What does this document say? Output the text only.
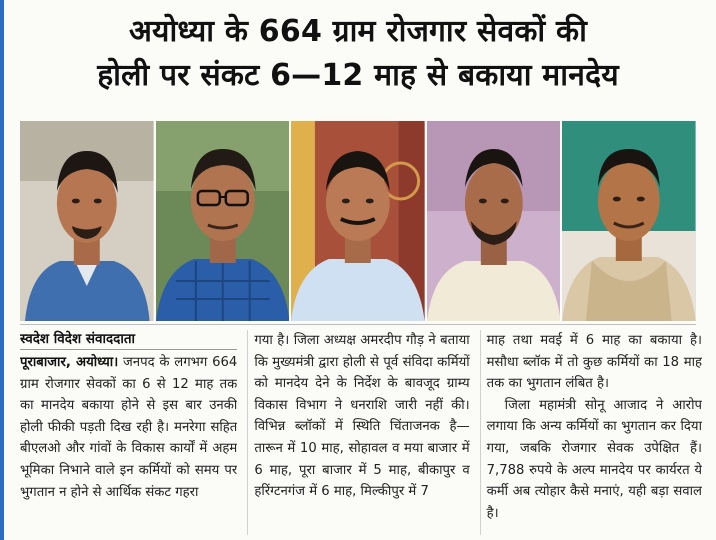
अयोध्या के 664 ग्राम रोजगार सेवकों की
होली पर संकट 6—12 माह से बकाया मानदेय
स्वदेश विदेश संवाददाता

पूराबाजार, अयोध्या। जनपद के लगभग 664 ग्राम रोजगार सेवकों का 6 से 12 माह तक का मानदेय बकाया होने से इस बार उनकी होली फीकी पड़ती दिख रही है। मनरेगा सहित बीएलओ और गांवों के विकास कार्यों में अहम भूमिका निभाने वाले इन कर्मियों को समय पर भुगतान न होने से आर्थिक संकट गहरा

गया है। जिला अध्यक्ष अमरदीप गौड़ ने बताया कि मुख्यमंत्री द्वारा होली से पूर्व संविदा कर्मियों को मानदेय देने के निर्देश के बावजूद ग्राम्य विकास विभाग ने धनराशि जारी नहीं की। विभिन्न ब्लॉकों में स्थिति चिंताजनक है—तारून में 10 माह, सोहावल व मया बाजार में 6 माह, पूरा बाजार में 5 माह, बीकापुर व हरिंग्टनगंज में 6 माह, मिल्कीपुर में 7

माह तथा मवई में 6 माह का बकाया है। मसौधा ब्लॉक में तो कुछ कर्मियों का 18 माह तक का भुगतान लंबित है।

जिला महामंत्री सोनू आजाद ने आरोप लगाया कि अन्य कर्मियों का भुगतान कर दिया गया, जबकि रोजगार सेवक उपेक्षित हैं। 7,788 रुपये के अल्प मानदेय पर कार्यरत ये कर्मी अब त्योहार कैसे मनाएं, यही बड़ा सवाल है।
